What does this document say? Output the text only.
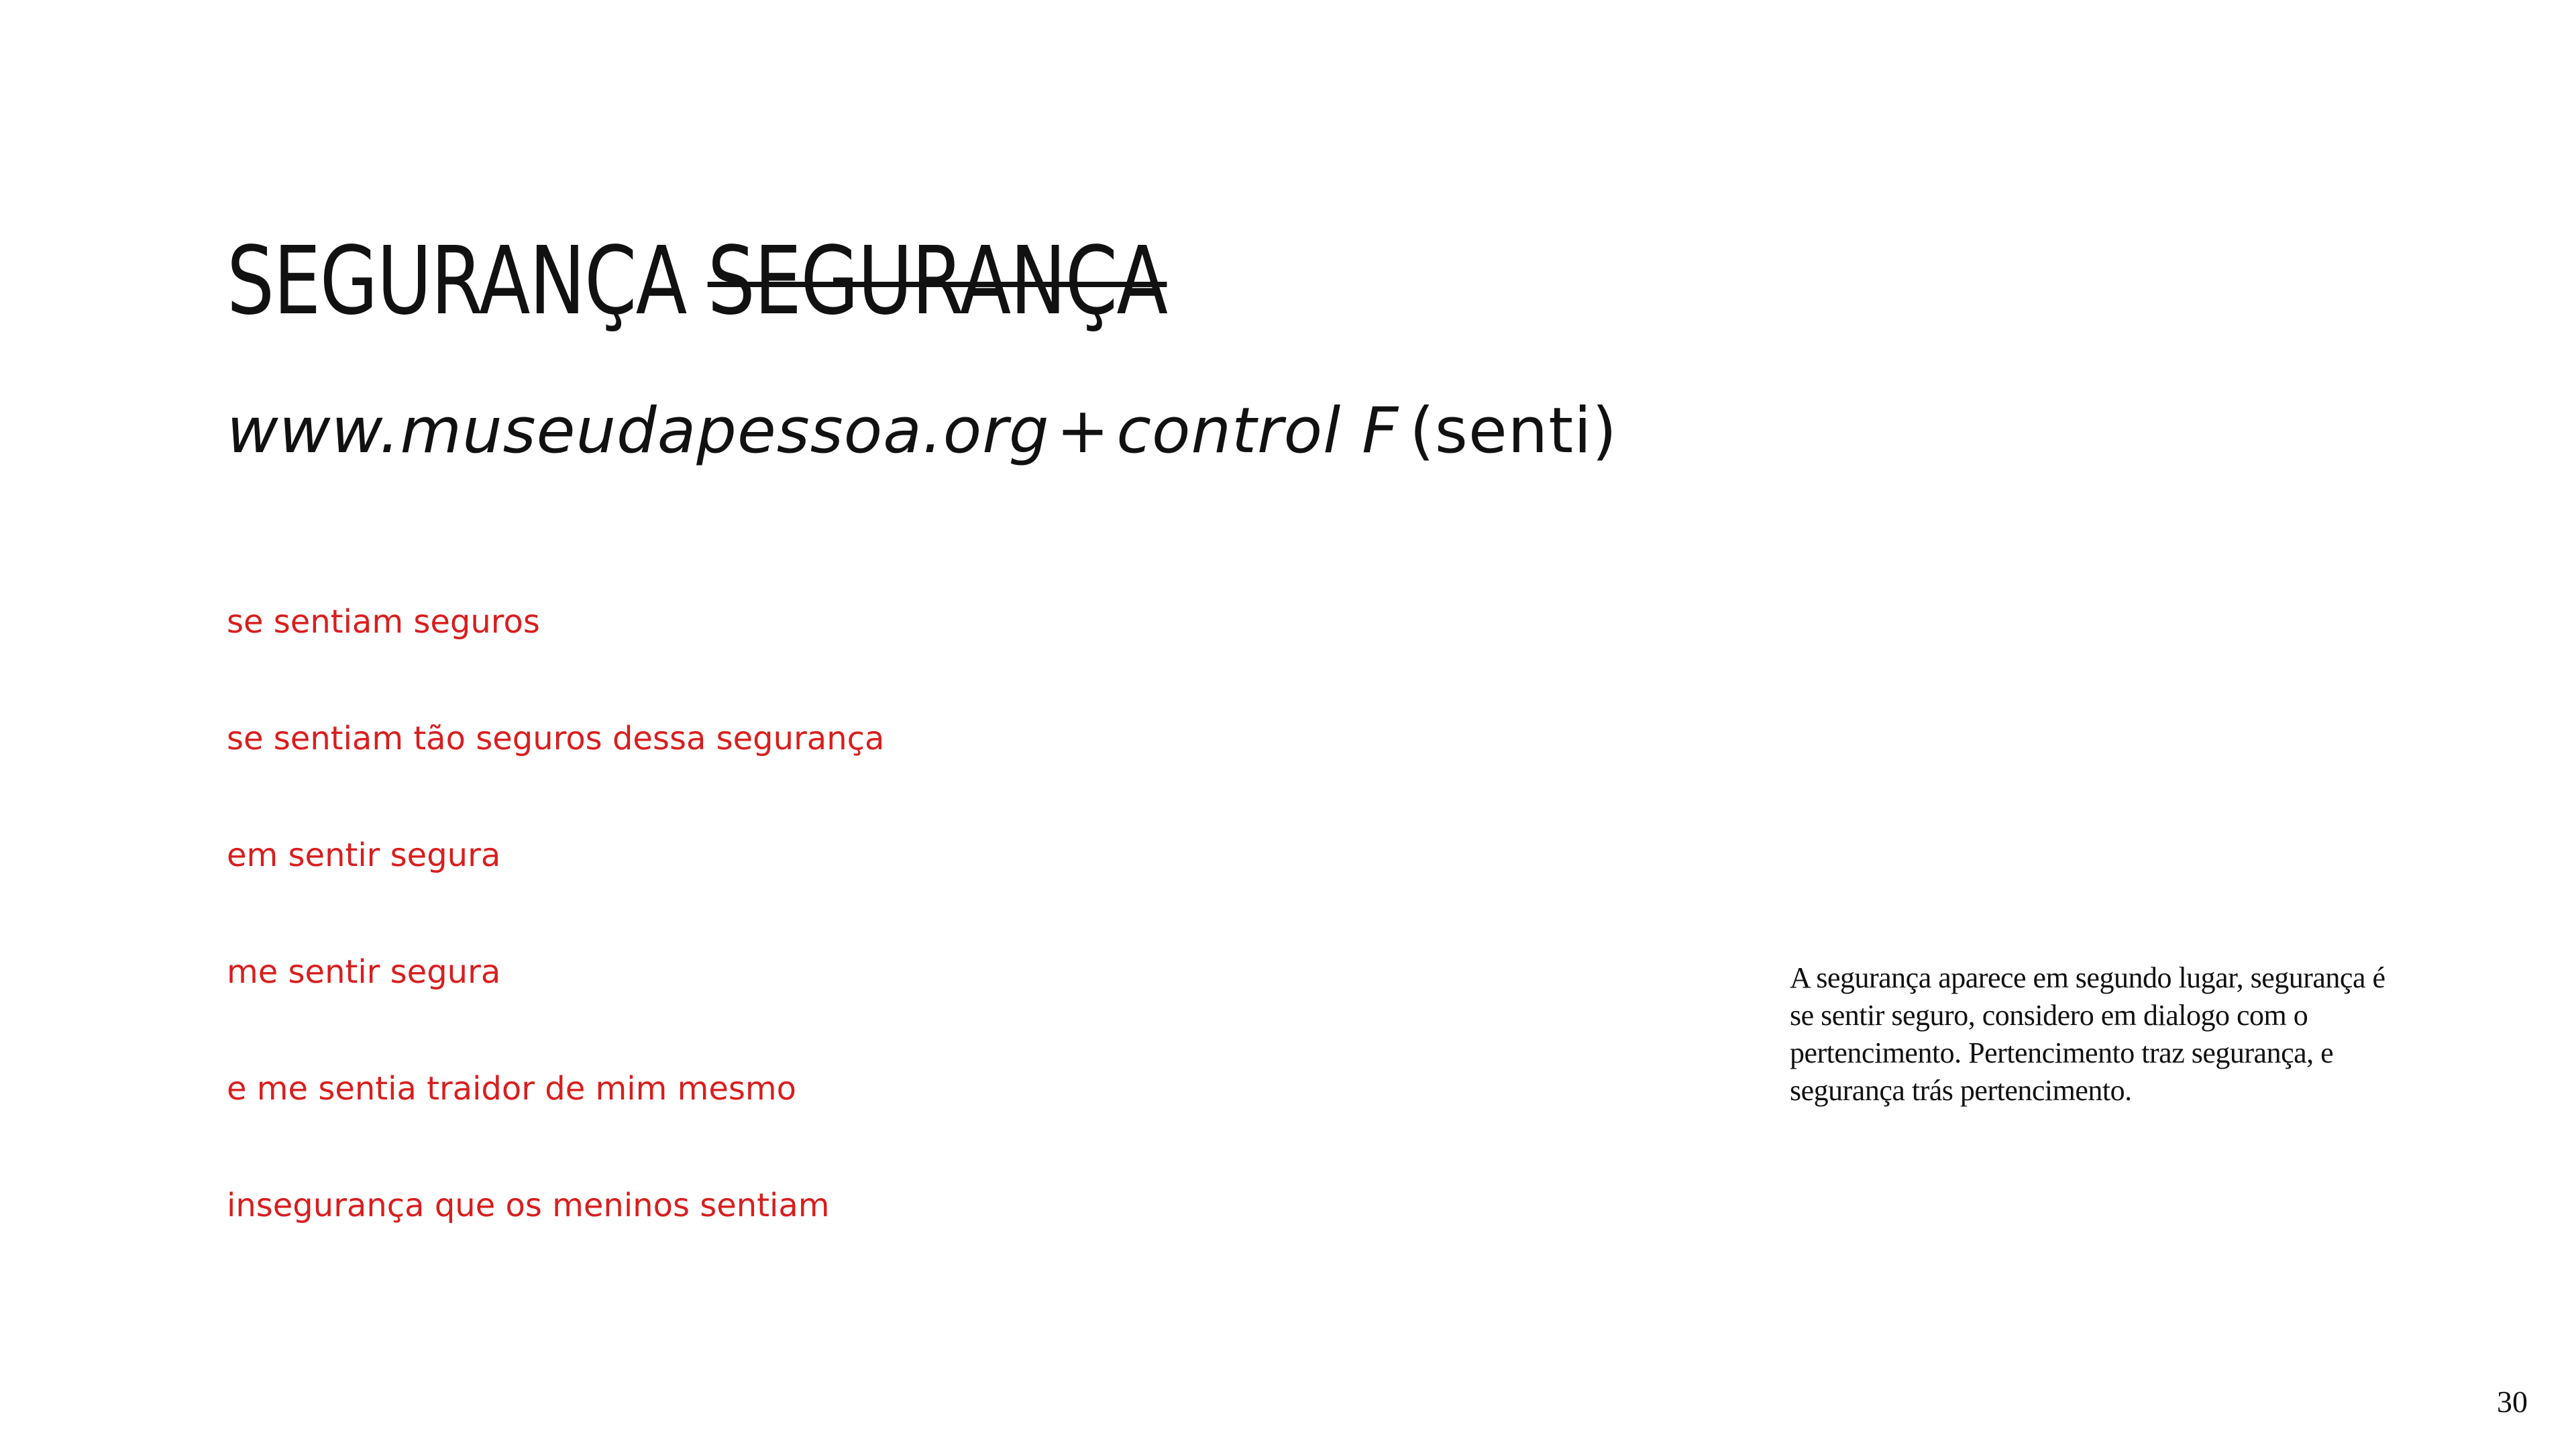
SEGURANÇA SEGURANÇA

www.museudapessoa.org + control F (senti)

se sentiam seguros
se sentiam tão seguros dessa segurança
em sentir segura
me sentir segura
e me sentia traidor de mim mesmo
insegurança que os meninos sentiam

A segurança aparece em segundo lugar, segurança é se sentir seguro, considero em dialogo com o pertencimento. Pertencimento traz segurança, e segurança trás pertencimento.

30
